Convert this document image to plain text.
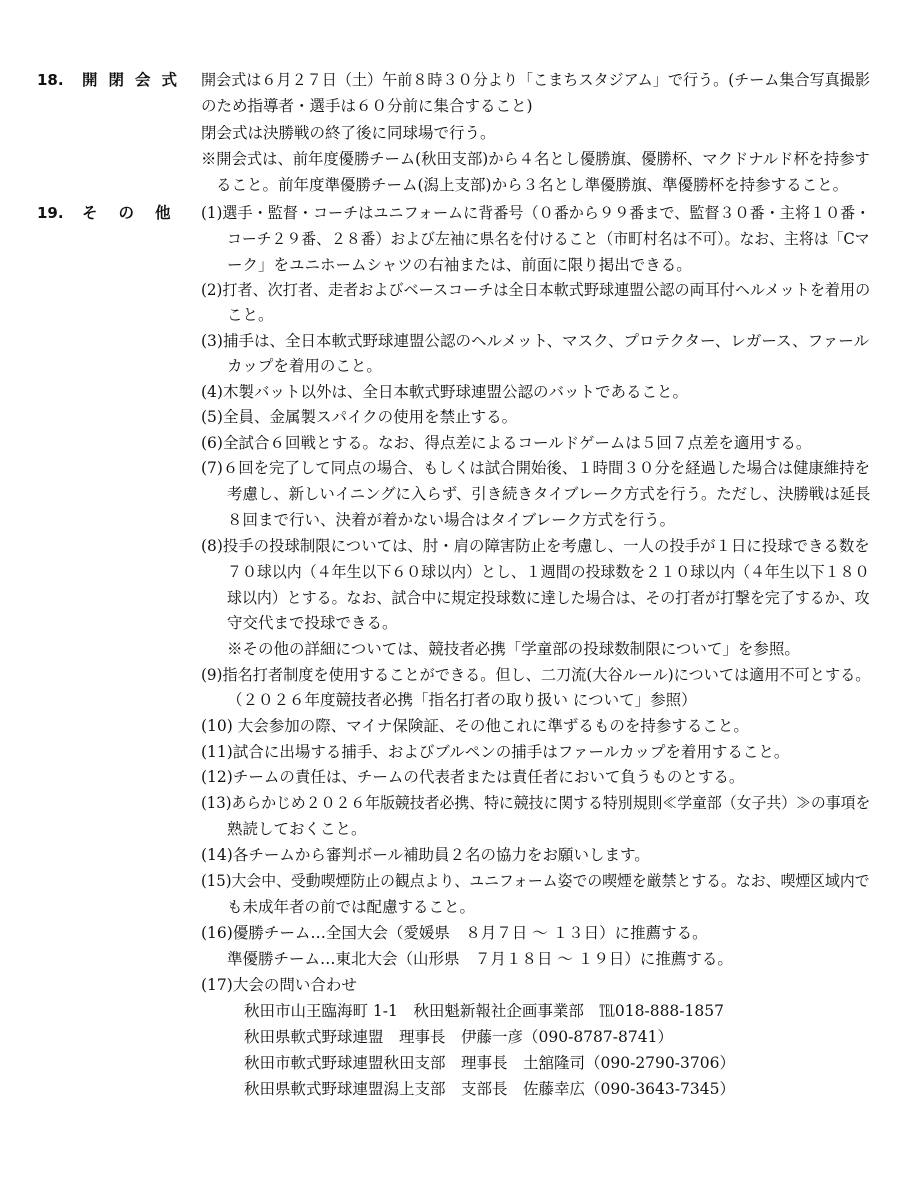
18. 開閉会式 開会式は６月２７日（土）午前８時３０分より「こまちスタジアム」で行う。(チーム集合写真撮影
のため指導者・選手は６０分前に集合すること)
閉会式は決勝戦の終了後に同球場で行う。
※開会式は、前年度優勝チーム(秋田支部)から４名とし優勝旗、優勝杯、マクドナルド杯を持参す
ること。前年度準優勝チーム(潟上支部)から３名とし準優勝旗、準優勝杯を持参すること。
19. その他 (1)選手・監督・コーチはユニフォームに背番号（０番から９９番まで、監督３０番・主将１０番・
コーチ２９番、２８番）および左袖に県名を付けること（市町村名は不可）。なお、主将は「Cマ
ーク」をユニホームシャツの右袖または、前面に限り掲出できる。
(2)打者、次打者、走者およびベースコーチは全日本軟式野球連盟公認の両耳付ヘルメットを着用の
こと。
(3)捕手は、全日本軟式野球連盟公認のヘルメット、マスク、プロテクター、レガース、ファール
カップを着用のこと。
(4)木製バット以外は、全日本軟式野球連盟公認のバットであること。
(5)全員、金属製スパイクの使用を禁止する。
(6)全試合６回戦とする。なお、得点差によるコールドゲームは５回７点差を適用する。
(7)６回を完了して同点の場合、もしくは試合開始後、１時間３０分を経過した場合は健康維持を
考慮し、新しいイニングに入らず、引き続きタイブレーク方式を行う。ただし、決勝戦は延長
８回まで行い、決着が着かない場合はタイブレーク方式を行う。
(8)投手の投球制限については、肘・肩の障害防止を考慮し、一人の投手が１日に投球できる数を
７０球以内（４年生以下６０球以内）とし、１週間の投球数を２１０球以内（４年生以下１８０
球以内）とする。なお、試合中に規定投球数に達した場合は、その打者が打撃を完了するか、攻
守交代まで投球できる。
※その他の詳細については、競技者必携「学童部の投球数制限について」を参照。
(9)指名打者制度を使用することができる。但し、二刀流(大谷ルール)については適用不可とする。
（２０２６年度競技者必携「指名打者の取り扱い について」参照）
(10) 大会参加の際、マイナ保険証、その他これに準ずるものを持参すること。
(11)試合に出場する捕手、およびブルペンの捕手はファールカップを着用すること。
(12)チームの責任は、チームの代表者または責任者において負うものとする。
(13)あらかじめ２０２６年版競技者必携、特に競技に関する特別規則≪学童部（女子共）≫の事項を
熟読しておくこと。
(14)各チームから審判ボール補助員２名の協力をお願いします。
(15)大会中、受動喫煙防止の観点より、ユニフォーム姿での喫煙を厳禁とする。なお、喫煙区域内で
も未成年者の前では配慮すること。
(16)優勝チーム…全国大会（愛媛県　８月７日 ～ １３日）に推薦する。
準優勝チーム…東北大会（山形県　７月１８日 ～ １９日）に推薦する。
(17)大会の問い合わせ
秋田市山王臨海町 1-1　秋田魁新報社企画事業部　℡018-888-1857
秋田県軟式野球連盟　理事長　伊藤一彦（090-8787-8741）
秋田市軟式野球連盟秋田支部　理事長　土舘隆司（090-2790-3706）
秋田県軟式野球連盟潟上支部　支部長　佐藤幸広（090-3643-7345）
